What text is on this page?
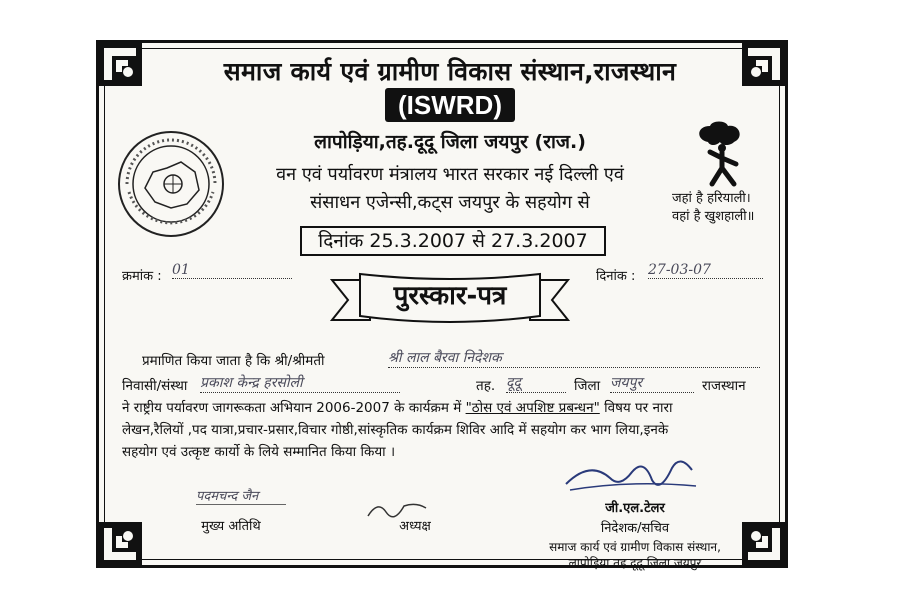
समाज कार्य एवं ग्रामीण विकास संस्थान,राजस्थान
(ISWRD)
लापोड़िया,तह.दूदू जिला जयपुर (राज.)
वन एवं पर्यावरण मंत्रालय भारत सरकार नई दिल्ली एवं
संसाधन एजेन्सी,कट्स जयपुर के सहयोग से
दिनांक 25.3.2007 से 27.3.2007
जहां है हरियाली।
वहां है खुशहाली॥
क्रमांक : 01	दिनांक : 27-03-07
पुरस्कार-पत्र
प्रमाणित किया जाता है कि श्री/श्रीमती	श्री लाल बैरवा निदेशक
निवासी/संस्था प्रकाश केन्द्र हरसोली	तह. दूदू	जिला जयपुर	राजस्थान
ने राष्ट्रीय पर्यावरण जागरूकता अभियान 2006-2007 के कार्यक्रम में "ठोस एवं अपशिष्ट प्रबन्धन" विषय पर नारा
लेखन,रैलियों ,पद यात्रा,प्रचार-प्रसार,विचार गोष्ठी,सांस्कृतिक कार्यक्रम शिविर आदि में सहयोग कर भाग लिया,इनके
सहयोग एवं उत्कृष्ट कार्यो के लिये सम्मानित किया किया ।
पदमचन्द जैन
मुख्य अतिथि	अध्यक्ष
जी.एल.टेलर
निदेशक/सचिव
समाज कार्य एवं ग्रामीण विकास संस्थान,
लापोड़िया तह.दूदू जिला जयपुर
